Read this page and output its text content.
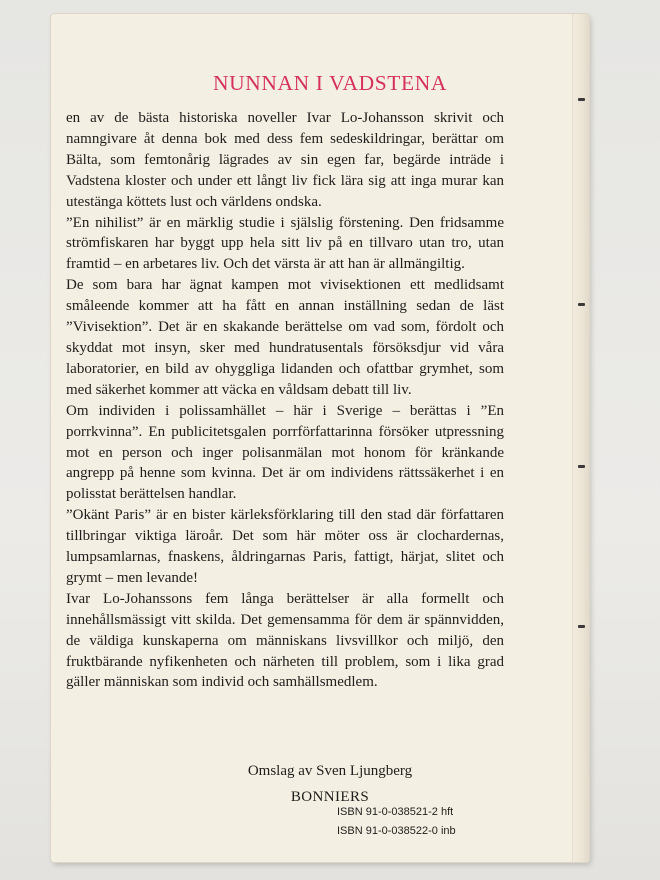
NUNNAN I VADSTENA

en av de bästa historiska noveller Ivar Lo-Johansson skrivit och namngivare åt denna bok med dess fem sedeskildringar, berättar om Bälta, som femtonårig lägrades av sin egen far, begärde inträde i Vadstena kloster och under ett långt liv fick lära sig att inga murar kan utestänga köttets lust och världens ondska.

”En nihilist” är en märklig studie i själslig förstening. Den fridsamme strömfiskaren har byggt upp hela sitt liv på en tillvaro utan tro, utan framtid – en arbetares liv. Och det värsta är att han är allmängiltig.

De som bara har ägnat kampen mot vivisektionen ett medlidsamt småleende kommer att ha fått en annan inställning sedan de läst ”Vivisektion”. Det är en skakande berättelse om vad som, fördolt och skyddat mot insyn, sker med hundratusentals försöksdjur vid våra laboratorier, en bild av ohyggliga lidanden och ofattbar grymhet, som med säkerhet kommer att väcka en våldsam debatt till liv.

Om individen i polissamhället – här i Sverige – berättas i ”En porrkvinna”. En publicitetsgalen porrförfattarinna försöker utpressning mot en person och inger polisanmälan mot honom för kränkande angrepp på henne som kvinna. Det är om individens rättssäkerhet i en polisstat berättelsen handlar.

”Okänt Paris” är en bister kärleksförklaring till den stad där författaren tillbringar viktiga läroår. Det som här möter oss är clochardernas, lumpsamlarnas, fnaskens, åldringarnas Paris, fattigt, härjat, slitet och grymt – men levande!

Ivar Lo-Johanssons fem långa berättelser är alla formellt och innehållsmässigt vitt skilda. Det gemensamma för dem är spännvidden, de väldiga kunskaperna om människans livsvillkor och miljö, den fruktbärande nyfikenheten och närheten till problem, som i lika grad gäller människan som individ och samhällsmedlem.

Omslag av Sven Ljungberg
BONNIERS
ISBN 91-0-038521-2 hft
ISBN 91-0-038522-0 inb
